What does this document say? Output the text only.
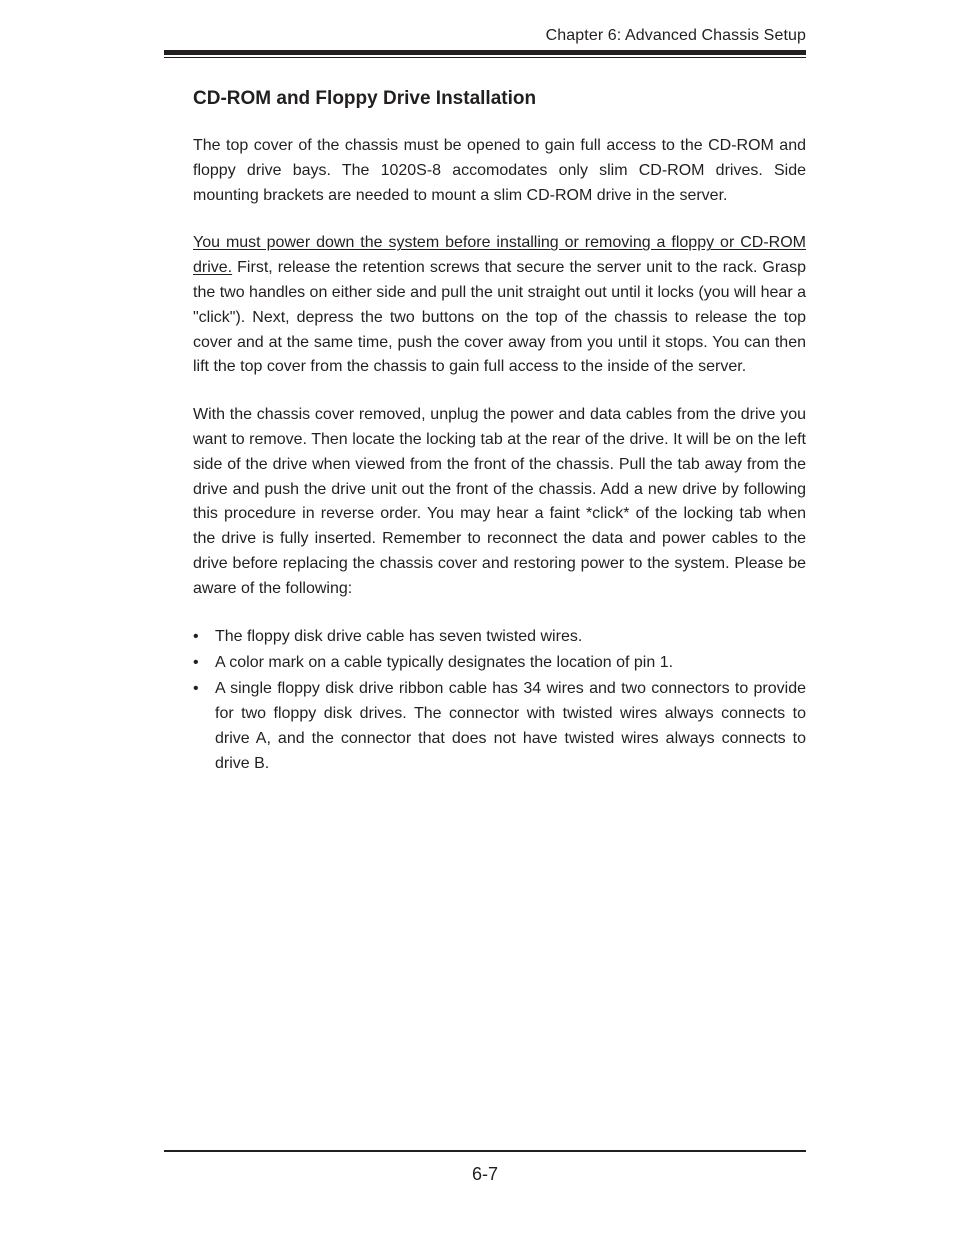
Chapter 6: Advanced Chassis Setup
CD-ROM and Floppy Drive Installation

The top cover of the chassis must be opened to gain full access to the CD-ROM and floppy drive bays. The 1020S-8 accomodates only slim CD-ROM drives. Side mounting brackets are needed to mount a slim CD-ROM drive in the server.

You must power down the system before installing or removing a floppy or CD-ROM drive. First, release the retention screws that secure the server unit to the rack. Grasp the two handles on either side and pull the unit straight out until it locks (you will hear a "click"). Next, depress the two buttons on the top of the chassis to release the top cover and at the same time, push the cover away from you until it stops. You can then lift the top cover from the chassis to gain full access to the inside of the server.

With the chassis cover removed, unplug the power and data cables from the drive you want to remove. Then locate the locking tab at the rear of the drive. It will be on the left side of the drive when viewed from the front of the chassis. Pull the tab away from the drive and push the drive unit out the front of the chassis. Add a new drive by following this procedure in reverse order. You may hear a faint *click* of the locking tab when the drive is fully inserted. Remember to reconnect the data and power cables to the drive before replacing the chassis cover and restoring power to the system. Please be aware of the following:

• The floppy disk drive cable has seven twisted wires.
• A color mark on a cable typically designates the location of pin 1.
• A single floppy disk drive ribbon cable has 34 wires and two connectors to provide for two floppy disk drives. The connector with twisted wires always connects to drive A, and the connector that does not have twisted wires always connects to drive B.
6-7
